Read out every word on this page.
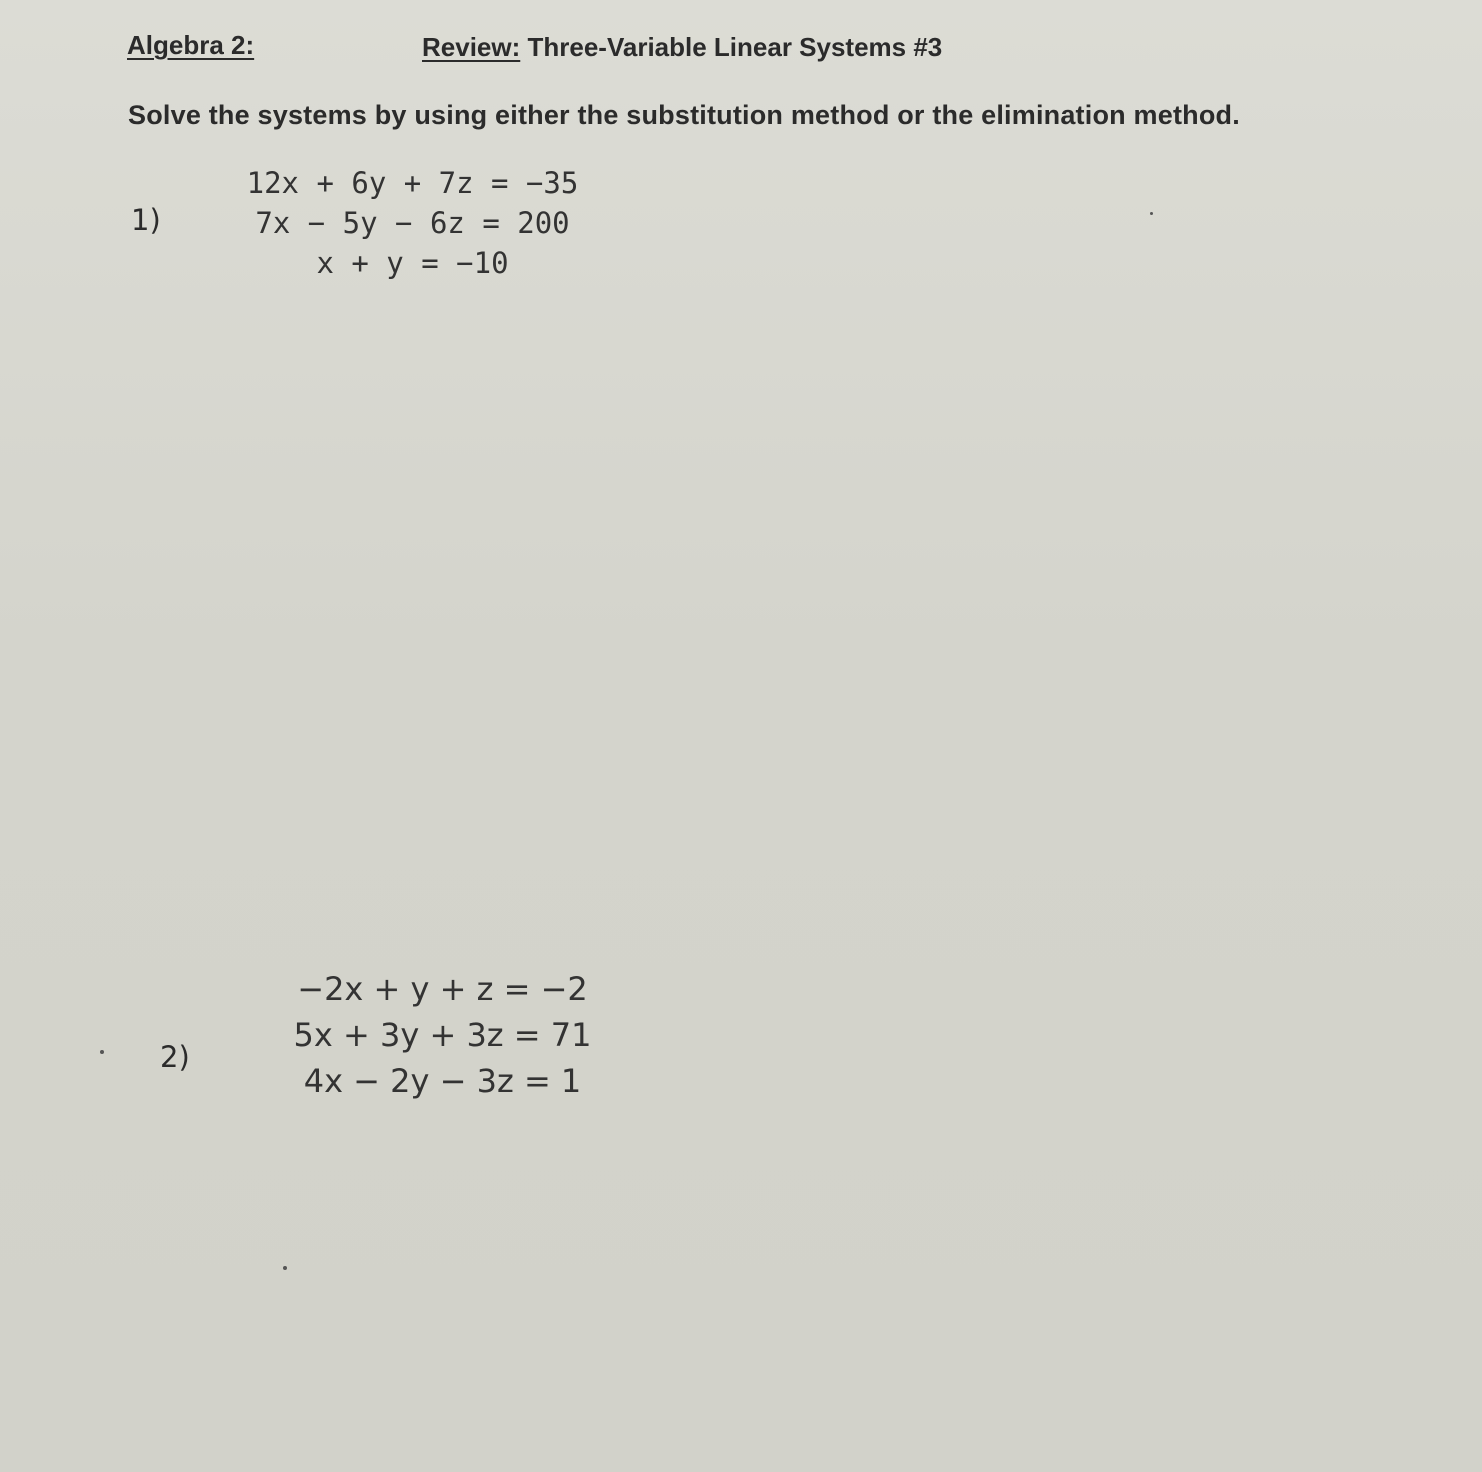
Algebra 2:	Review: Three-Variable Linear Systems #3
Solve the systems by using either the substitution method or the elimination method.
1)
12x + 6y + 7z = −35
7x − 5y − 6z = 200
x + y = −10
2)
−2x + y + z = −2
5x + 3y + 3z = 71
4x − 2y − 3z = 1
